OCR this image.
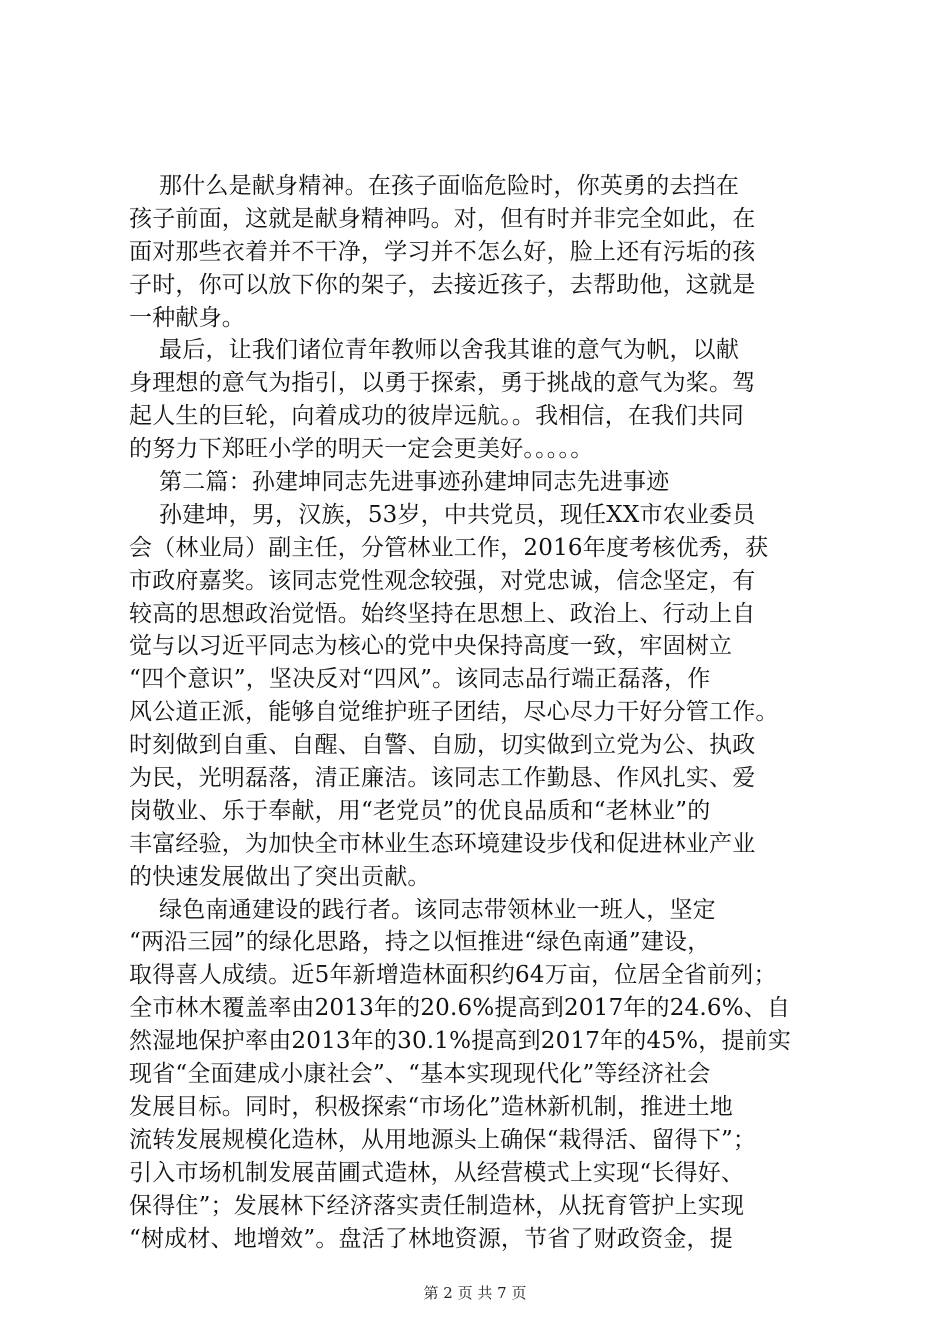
那什么是献身精神。在孩子面临危险时，你英勇的去挡在
孩子前面，这就是献身精神吗。对，但有时并非完全如此，在
面对那些衣着并不干净，学习并不怎么好，脸上还有污垢的孩
子时，你可以放下你的架子，去接近孩子，去帮助他，这就是
一种献身。
最后，让我们诸位青年教师以舍我其谁的意气为帆，以献
身理想的意气为指引，以勇于探索，勇于挑战的意气为桨。驾
起人生的巨轮，向着成功的彼岸远航。。我相信，在我们共同
的努力下郑旺小学的明天一定会更美好。。。。。
第二篇：孙建坤同志先进事迹孙建坤同志先进事迹
孙建坤，男，汉族，53岁，中共党员，现任XX市农业委员
会（林业局）副主任，分管林业工作，2016年度考核优秀，获
市政府嘉奖。该同志党性观念较强，对党忠诚，信念坚定，有
较高的思想政治觉悟。始终坚持在思想上、政治上、行动上自
觉与以习近平同志为核心的党中央保持高度一致，牢固树立
“四个意识”，坚决反对“四风”。该同志品行端正磊落，作
风公道正派，能够自觉维护班子团结，尽心尽力干好分管工作。
时刻做到自重、自醒、自警、自励，切实做到立党为公、执政
为民，光明磊落，清正廉洁。该同志工作勤恳、作风扎实、爱
岗敬业、乐于奉献，用“老党员”的优良品质和“老林业”的
丰富经验，为加快全市林业生态环境建设步伐和促进林业产业
的快速发展做出了突出贡献。
绿色南通建设的践行者。该同志带领林业一班人，坚定
“两沿三园”的绿化思路，持之以恒推进“绿色南通”建设，
取得喜人成绩。近5年新增造林面积约64万亩，位居全省前列；
全市林木覆盖率由2013年的20.6%提高到2017年的24.6%、自
然湿地保护率由2013年的30.1%提高到2017年的45%，提前实
现省“全面建成小康社会”、“基本实现现代化”等经济社会
发展目标。同时，积极探索“市场化”造林新机制，推进土地
流转发展规模化造林，从用地源头上确保“栽得活、留得下”；
引入市场机制发展苗圃式造林，从经营模式上实现“长得好、
保得住”；发展林下经济落实责任制造林，从抚育管护上实现
“树成材、地增效”。盘活了林地资源，节省了财政资金，提
第 2 页 共 7 页
